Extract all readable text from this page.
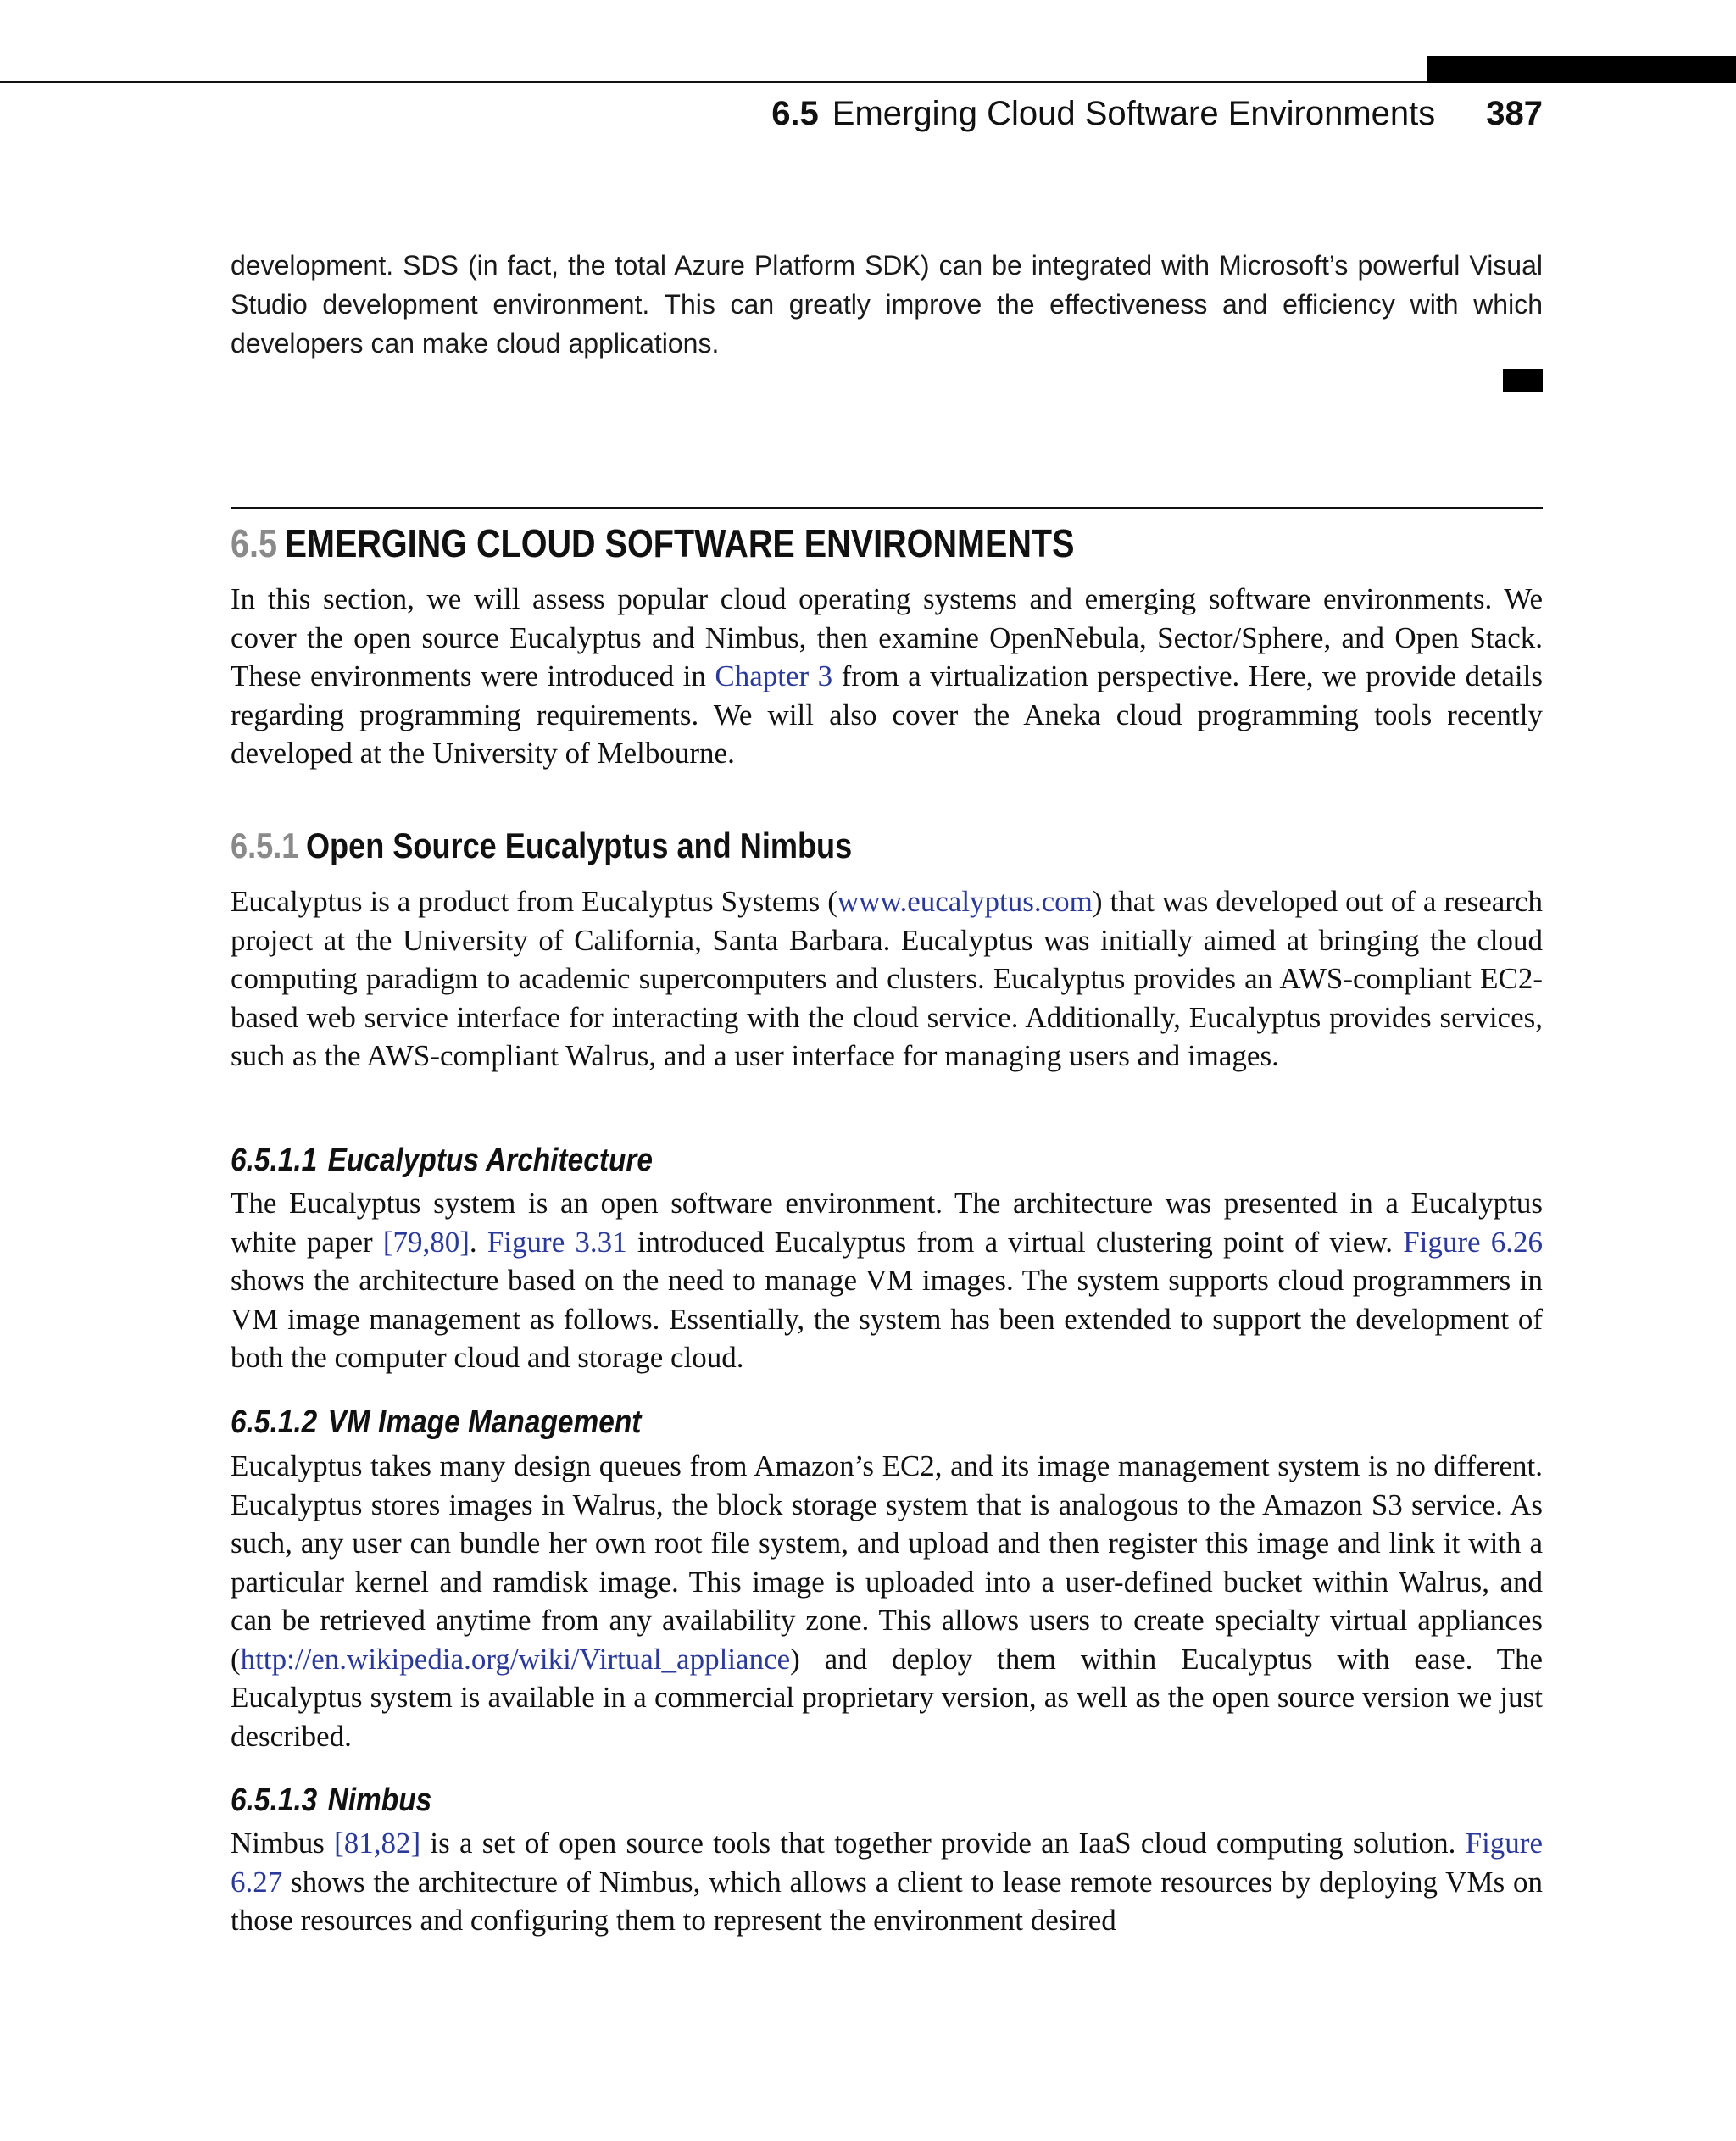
6.5 Emerging Cloud Software Environments 387

development. SDS (in fact, the total Azure Platform SDK) can be integrated with Microsoft’s powerful Visual Studio development environment. This can greatly improve the effectiveness and efficiency with which developers can make cloud applications.

6.5 EMERGING CLOUD SOFTWARE ENVIRONMENTS

In this section, we will assess popular cloud operating systems and emerging software environments. We cover the open source Eucalyptus and Nimbus, then examine OpenNebula, Sector/Sphere, and Open Stack. These environments were introduced in Chapter 3 from a virtualization perspective. Here, we provide details regarding programming requirements. We will also cover the Aneka cloud programming tools recently developed at the University of Melbourne.

6.5.1 Open Source Eucalyptus and Nimbus

Eucalyptus is a product from Eucalyptus Systems (www.eucalyptus.com) that was developed out of a research project at the University of California, Santa Barbara. Eucalyptus was initially aimed at bringing the cloud computing paradigm to academic supercomputers and clusters. Eucalyptus provides an AWS-compliant EC2-based web service interface for interacting with the cloud service. Additionally, Eucalyptus provides services, such as the AWS-compliant Walrus, and a user interface for managing users and images.

6.5.1.1 Eucalyptus Architecture

The Eucalyptus system is an open software environment. The architecture was presented in a Eucalyptus white paper [79,80]. Figure 3.31 introduced Eucalyptus from a virtual clustering point of view. Figure 6.26 shows the architecture based on the need to manage VM images. The system supports cloud programmers in VM image management as follows. Essentially, the system has been extended to support the development of both the computer cloud and storage cloud.

6.5.1.2 VM Image Management

Eucalyptus takes many design queues from Amazon’s EC2, and its image management system is no different. Eucalyptus stores images in Walrus, the block storage system that is analogous to the Amazon S3 service. As such, any user can bundle her own root file system, and upload and then register this image and link it with a particular kernel and ramdisk image. This image is uploaded into a user-defined bucket within Walrus, and can be retrieved anytime from any availability zone. This allows users to create specialty virtual appliances (http://en.wikipedia.org/wiki/Virtual_appliance) and deploy them within Eucalyptus with ease. The Eucalyptus system is available in a commercial proprietary version, as well as the open source version we just described.

6.5.1.3 Nimbus

Nimbus [81,82] is a set of open source tools that together provide an IaaS cloud computing solution. Figure 6.27 shows the architecture of Nimbus, which allows a client to lease remote resources by deploying VMs on those resources and configuring them to represent the environment desired
